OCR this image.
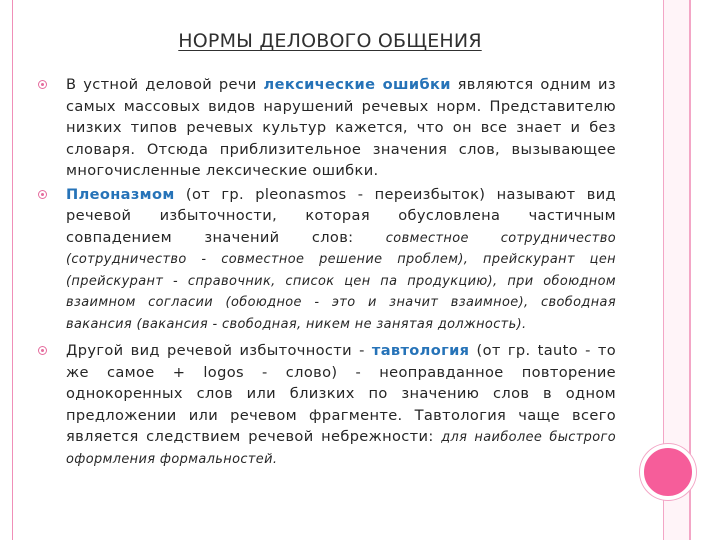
НОРМЫ ДЕЛОВОГО ОБЩЕНИЯ
В устной деловой речи лексические ошибки являются одним из самых массовых видов нарушений речевых норм. Представителю низких типов речевых культур кажется, что он все знает и без словаря. Отсюда приблизительное значения слов, вызывающее многочисленные лексические ошибки.
Плеоназмом (от гр. pleonasmos - переизбыток) называют вид речевой избыточности, которая обусловлена частичным совпадением значений слов: совместное сотрудничество (сотрудничество - совместное решение проблем), прейскурант цен (прейскурант - справочник, список цен па продукцию), при обоюдном взаимном согласии (обоюдное - это и значит взаимное), свободная вакансия (вакансия - свободная, никем не занятая должность).
Другой вид речевой избыточности - тавтология (от гр. tauto - то же самое + logos - слово) - неоправданное повторение однокоренных слов или близких по значению слов в одном предложении или речевом фрагменте. Тавтология чаще всего является следствием речевой небрежности: для наиболее быстрого оформления формальностей.
